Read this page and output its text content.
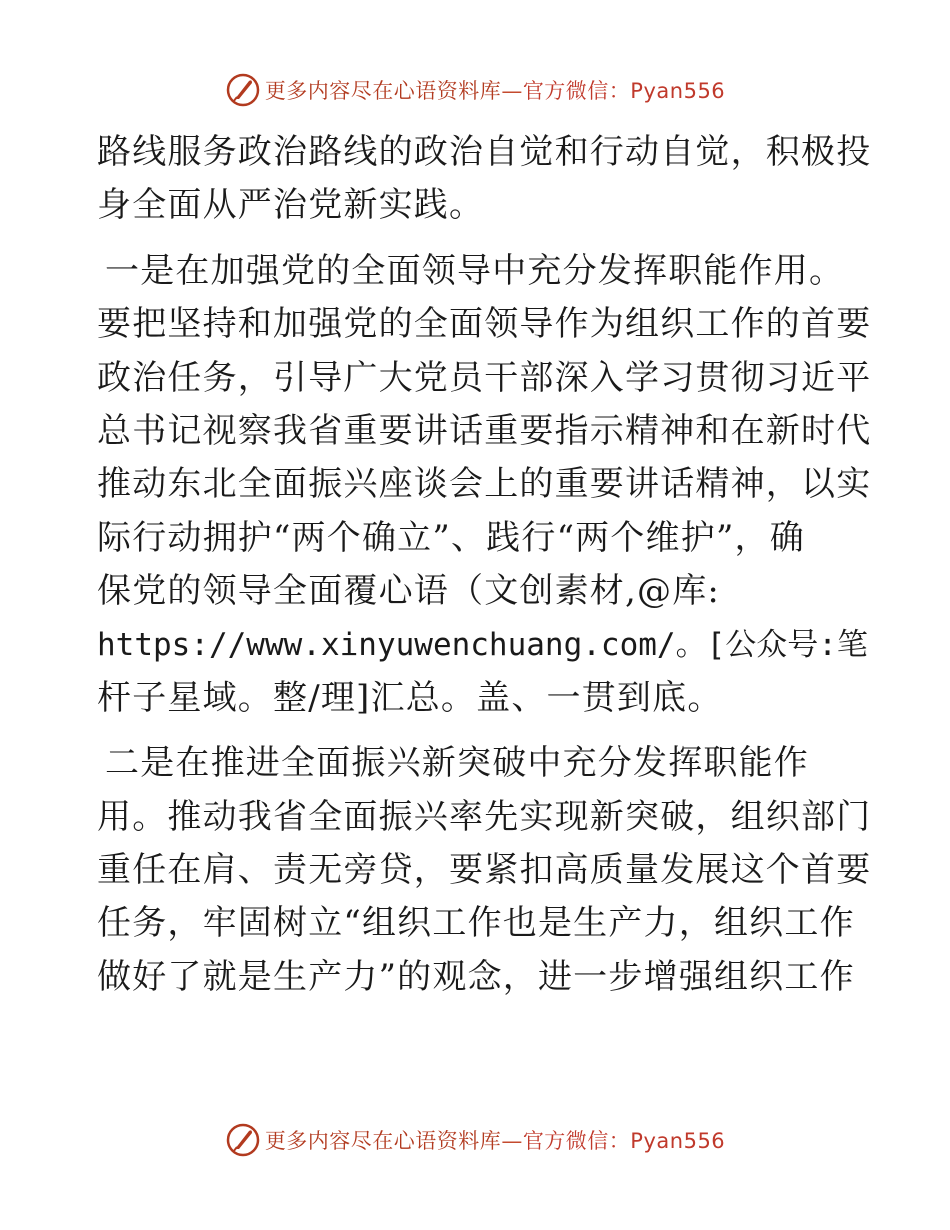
更多内容尽在心语资料库—官方微信：Pyan556
路线服务政治路线的政治自觉和行动自觉，积极投
身全面从严治党新实践。
一是在加强党的全面领导中充分发挥职能作用。
要把坚持和加强党的全面领导作为组织工作的首要
政治任务，引导广大党员干部深入学习贯彻习近平
总书记视察我省重要讲话重要指示精神和在新时代
推动东北全面振兴座谈会上的重要讲话精神，以实
际行动拥护“两个确立”、践行“两个维护”，确
保党的领导全面覆心语（文创素材,@库:
https://www.xinyuwenchuang.com/。[公众号:笔
杆子星域。整/理]汇总。盖、一贯到底。
二是在推进全面振兴新突破中充分发挥职能作
用。推动我省全面振兴率先实现新突破，组织部门
重任在肩、责无旁贷，要紧扣高质量发展这个首要
任务，牢固树立“组织工作也是生产力，组织工作
做好了就是生产力”的观念，进一步增强组织工作
更多内容尽在心语资料库—官方微信：Pyan556
